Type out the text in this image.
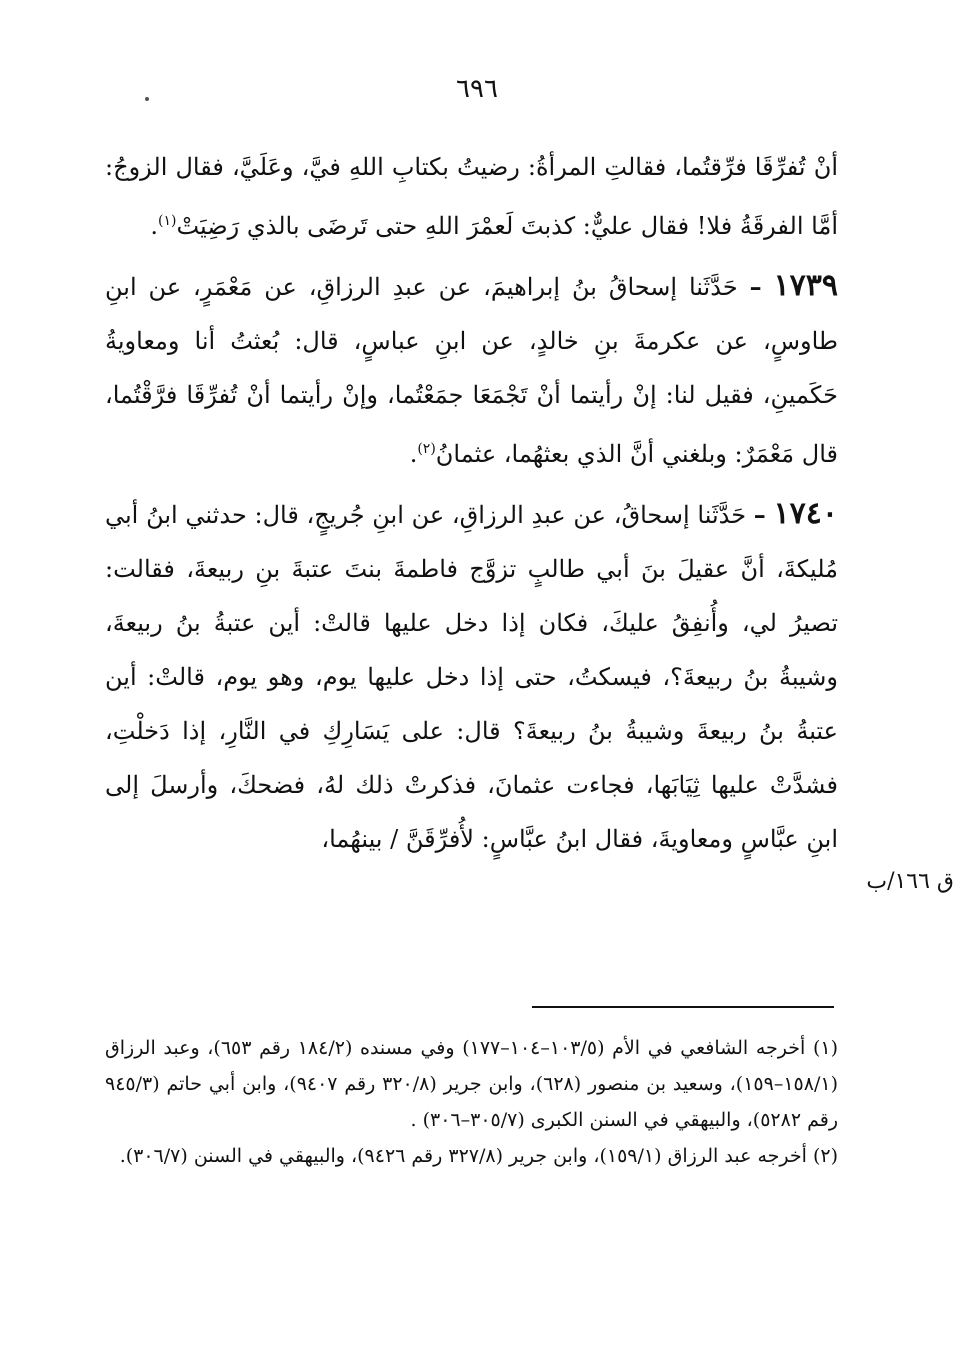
٦٩٦

أنْ تُفرِّقَا فرِّقتُما، فقالتِ المرأةُ: رضيتُ بكتابِ اللهِ فيَّ، وعَلَيَّ، فقال الزوجُ: أمَّا الفرقَةُ فلا! فقال عليٌّ: كذبتَ لَعمْرَ اللهِ حتى تَرضَى بالذي رَضِيَتْ$^{(١)}$.

١٧٣٩ – حَدَّثَنا إسحاقُ بنُ إبراهيمَ، عن عبدِ الرزاقِ، عن مَعْمَرٍ، عن ابنِ طاوسٍ، عن عكرمةَ بنِ خالدٍ، عن ابنِ عباسٍ، قال: بُعثتُ أنا ومعاويةُ حَكَمينِ، فقيل لنا: إنْ رأيتما أنْ تَجْمَعَا جمَعْتُما، وإنْ رأيتما أنْ تُفرِّقَا فرَّقْتُما، قال مَعْمَرٌ: وبلغني أنَّ الذي بعثهُما، عثمانُ$^{(٢)}$.

١٧٤٠ – حَدَّثَنا إسحاقُ، عن عبدِ الرزاقِ، عن ابنِ جُريجٍ، قال: حدثني ابنُ أبي مُليكةَ، أنَّ عقيلَ بنَ أبي طالبٍ تزوَّج فاطمةَ بنتَ عتبةَ بنِ ربيعةَ، فقالت: تصيرُ لي، وأُنفِقُ عليكَ، فكان إذا دخل عليها قالتْ: أين عتبةُ بنُ ربيعةَ، وشيبةُ بنُ ربيعةَ؟، فيسكتُ، حتى إذا دخل عليها يوم، وهو يوم، قالتْ: أين عتبةُ بنُ ربيعةَ وشيبةُ بنُ ربيعةَ؟ قال: على يَسَارِكِ في النَّارِ، إذا دَخلْتِ، فشدَّتْ عليها ثِيَابَها، فجاءت عثمانَ، فذكرتْ ذلك لهُ، فضحكَ، وأرسلَ إلى ابنِ عبَّاسٍ ومعاويةَ، فقال ابنُ عبَّاسٍ: لأُفرِّقَنَّ / بينهُما،

ق ١٦٦/ب

(١) أخرجه الشافعي في الأم (١٠٣/٥–١٠٤–١٧٧) وفي مسنده (١٨٤/٢ رقم ٦٥٣)، وعبد الرزاق (١٥٨/١–١٥٩)، وسعيد بن منصور (٦٢٨)، وابن جرير (٣٢٠/٨ رقم ٩٤٠٧)، وابن أبي حاتم (٩٤٥/٣ رقم ٥٢٨٢)، والبيهقي في السنن الكبرى (٣٠٥/٧–٣٠٦) .

(٢) أخرجه عبد الرزاق (١٥٩/١)، وابن جرير (٣٢٧/٨ رقم ٩٤٢٦)، والبيهقي في السنن (٣٠٦/٧).
